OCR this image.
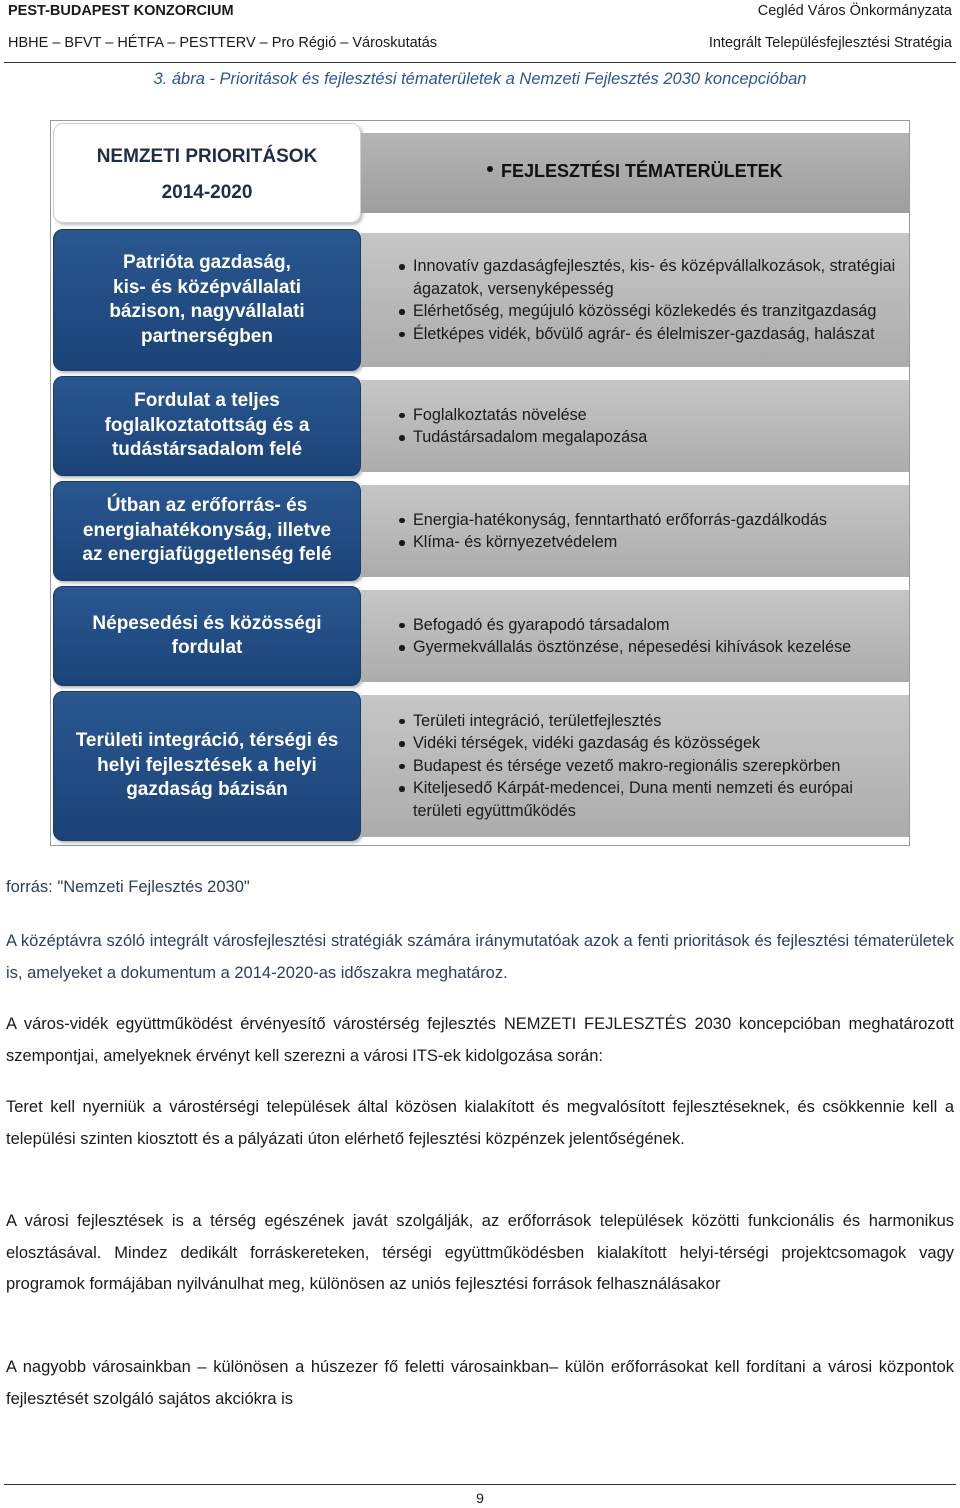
PEST-BUDAPEST KONZORCIUM	Cegléd Város Önkormányzata
HBHE – BFVT – HÉTFA – PESTTERV – Pro Régió – Városkutatás	Integrált Településfejlesztési Stratégia
3. ábra - Prioritások és fejlesztési tématerületek a Nemzeti Fejlesztés 2030 koncepcióban
NEMZETI PRIORITÁSOK
2014-2020
FEJLESZTÉSI TÉMATERÜLETEK
Patrióta gazdaság,
kis- és középvállalati
bázison, nagyvállalati
partnerségben
Innovatív gazdaságfejlesztés, kis- és középvállalkozások, stratégiai ágazatok, versenyképesség
Elérhetőség, megújuló közösségi közlekedés és tranzitgazdaság
Életképes vidék, bővülő agrár- és élelmiszer-gazdaság, halászat
Fordulat a teljes
foglalkoztatottság és a
tudástársadalom felé
Foglalkoztatás növelése
Tudástársadalom megalapozása
Útban az erőforrás- és
energiahatékonyság, illetve
az energiafüggetlenség felé
Energia-hatékonyság, fenntartható erőforrás-gazdálkodás
Klíma- és környezetvédelem
Népesedési és közösségi
fordulat
Befogadó és gyarapodó társadalom
Gyermekvállalás ösztönzése, népesedési kihívások kezelése
Területi integráció, térségi és
helyi fejlesztések a helyi
gazdaság bázisán
Területi integráció, területfejlesztés
Vidéki térségek, vidéki gazdaság és közösségek
Budapest és térsége vezető makro-regionális szerepkörben
Kiteljesedő Kárpát-medencei, Duna menti nemzeti és európai területi együttműködés
forrás: "Nemzeti Fejlesztés 2030"
A középtávra szóló integrált városfejlesztési stratégiák számára iránymutatóak azok a fenti prioritások és fejlesztési tématerületek is, amelyeket a dokumentum a 2014-2020-as időszakra meghatároz.
A város-vidék együttműködést érvényesítő várostérség fejlesztés NEMZETI FEJLESZTÉS 2030 koncepcióban meghatározott szempontjai, amelyeknek érvényt kell szerezni a városi ITS-ek kidolgozása során:
Teret kell nyerniük a várostérségi települések által közösen kialakított és megvalósított fejlesztéseknek, és csökkennie kell a települési szinten kiosztott és a pályázati úton elérhető fejlesztési közpénzek jelentőségének.
A városi fejlesztések is a térség egészének javát szolgálják, az erőforrások települések közötti funkcionális és harmonikus elosztásával. Mindez dedikált forráskereteken, térségi együttműködésben kialakított helyi-térségi projektcsomagok vagy programok formájában nyilvánulhat meg, különösen az uniós fejlesztési források felhasználásakor
A nagyobb városainkban – különösen a húszezer fő feletti városainkban– külön erőforrásokat kell fordítani a városi központok fejlesztését szolgáló sajátos akciókra is
9
